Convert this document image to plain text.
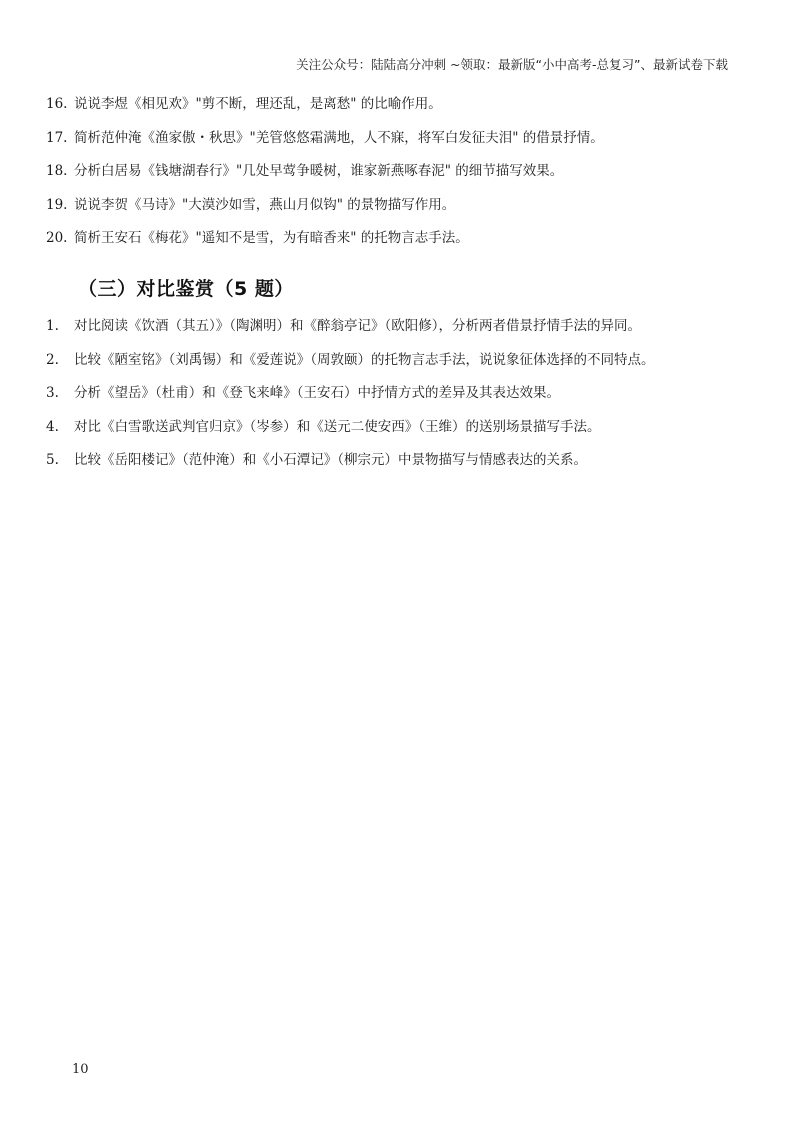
关注公众号：陆陆高分冲刺 ~领取：最新版“小中高考-总复习”、最新试卷下载
16. 说说李煜《相见欢》"剪不断，理还乱，是离愁" 的比喻作用。
17. 简析范仲淹《渔家傲・秋思》"羌管悠悠霜满地，人不寐，将军白发征夫泪" 的借景抒情。
18. 分析白居易《钱塘湖春行》"几处早莺争暖树，谁家新燕啄春泥" 的细节描写效果。
19. 说说李贺《马诗》"大漠沙如雪，燕山月似钩" 的景物描写作用。
20. 简析王安石《梅花》"遥知不是雪，为有暗香来" 的托物言志手法。
（三）对比鉴赏（5 题）
1. 对比阅读《饮酒（其五）》（陶渊明）和《醉翁亭记》（欧阳修），分析两者借景抒情手法的异同。
2. 比较《陋室铭》（刘禹锡）和《爱莲说》（周敦颐）的托物言志手法，说说象征体选择的不同特点。
3. 分析《望岳》（杜甫）和《登飞来峰》（王安石）中抒情方式的差异及其表达效果。
4. 对比《白雪歌送武判官归京》（岑参）和《送元二使安西》（王维）的送别场景描写手法。
5. 比较《岳阳楼记》（范仲淹）和《小石潭记》（柳宗元）中景物描写与情感表达的关系。
10
